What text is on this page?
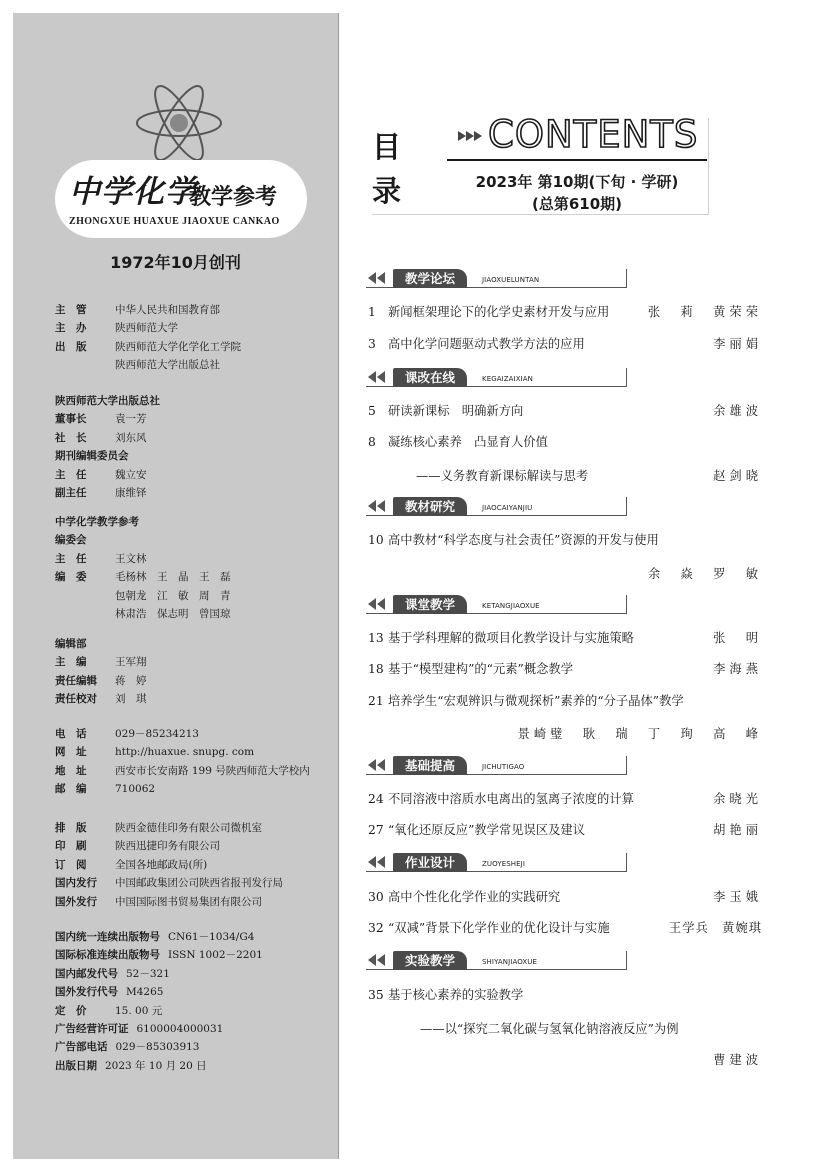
中学化学
教学参考
ZHONGXUE HUAXUE JIAOXUE CANKAO
1972年10月创刊
主　管	中华人民共和国教育部
主　办	陕西师范大学
出　版	陕西师范大学化学化工学院
陕西师范大学出版总社
陕西师范大学出版总社
董事长	袁一芳
社　长	刘东风
期刊编辑委员会
主　任	魏立安
副主任	康维铎
中学化学教学参考
编委会
主　任	王文林
编　委	毛杨林　王　晶　王　磊
包朝龙　江　敏　周　青
林肃浩　保志明　曾国琼
编辑部
主　编	王军翔
责任编辑	蒋　婷
责任校对	刘　琪
电　话	029－85234213
网　址	http://huaxue. snupg. com
地　址	西安市长安南路 199 号陕西师范大学校内
邮　编	710062
排　版	陕西金德佳印务有限公司微机室
印　刷	陕西迅捷印务有限公司
订　阅	全国各地邮政局(所)
国内发行	中国邮政集团公司陕西省报刊发行局
国外发行	中国国际图书贸易集团有限公司
国内统一连续出版物号 CN61－1034/G4
国际标准连续出版物号 ISSN 1002－2201
国内邮发代号 52－321
国外发行代号 M4265
定　价	15. 00 元
广告经营许可证 6100004000031
广告部电话 029－85303913
出版日期 2023 年 10 月 20 日
目
录
CONTENTS
2023年 第10期(下旬 · 学研)
(总第610期)
教学论坛	JIAOXUELUNTAN
1 新闻框架理论下的化学史素材开发与应用	张　莉　黄荣荣
3 高中化学问题驱动式教学方法的应用	李丽娟
课改在线	KEGAIZAIXIAN
5 研读新课标　明确新方向	余雄波
8 凝练核心素养　凸显育人价值
——义务教育新课标解读与思考	赵剑晓
教材研究	JIAOCAIYANJIU
10 高中教材“科学态度与社会责任”资源的开发与使用
余　焱　罗　敏
课堂教学	KETANGJIAOXUE
13 基于学科理解的微项目化教学设计与实施策略	张　明
18 基于“模型建构”的“元素”概念教学	李海燕
21 培养学生“宏观辨识与微观探析”素养的“分子晶体”教学
景崎璧　耿　瑞　丁　珣　高　峰
基础提高	JICHUTIGAO
24 不同溶液中溶质水电离出的氢离子浓度的计算	余晓光
27 “氧化还原反应”教学常见误区及建议	胡艳丽
作业设计	ZUOYESHEJI
30 高中个性化化学作业的实践研究	李玉娥
32 “双减”背景下化学作业的优化设计与实施	王学兵　黄婉琪
实验教学	SHIYANJIAOXUE
35 基于核心素养的实验教学
——以“探究二氧化碳与氢氧化钠溶液反应”为例
曹建波
